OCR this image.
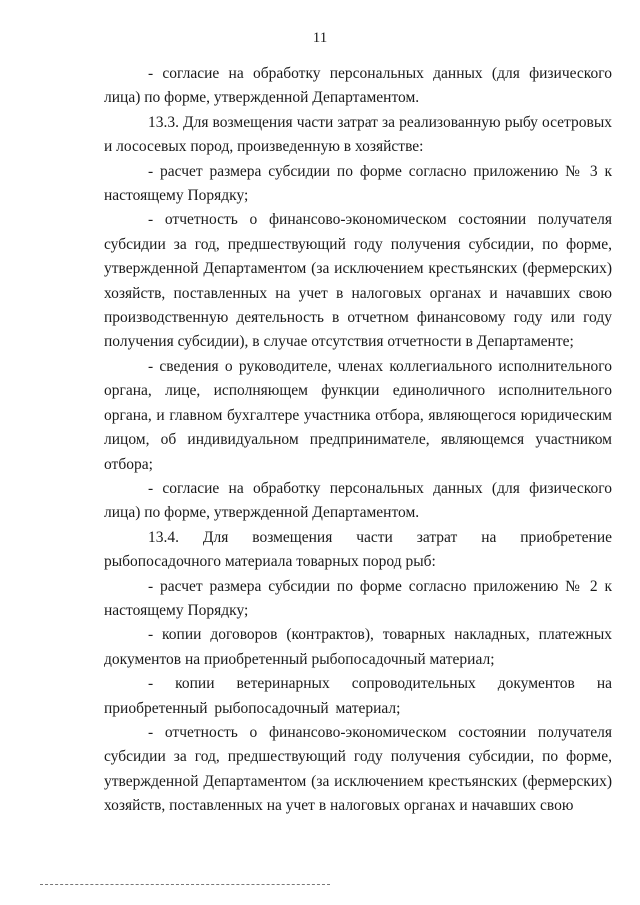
11

- согласие на обработку персональных данных (для физического лица) по форме, утвержденной Департаментом.

13.3. Для возмещения части затрат за реализованную рыбу осетровых и лососевых пород, произведенную в хозяйстве:

- расчет размера субсидии по форме согласно приложению № 3 к настоящему Порядку;

- отчетность о финансово-экономическом состоянии получателя субсидии за год, предшествующий году получения субсидии, по форме, утвержденной Департаментом (за исключением крестьянских (фермерских) хозяйств, поставленных на учет в налоговых органах и начавших свою производственную деятельность в отчетном финансовому году или году получения субсидии), в случае отсутствия отчетности в Департаменте;

- сведения о руководителе, членах коллегиального исполнительного органа, лице, исполняющем функции единоличного исполнительного органа, и главном бухгалтере участника отбора, являющегося юридическим лицом, об индивидуальном предпринимателе, являющемся участником отбора;

- согласие на обработку персональных данных (для физического лица) по форме, утвержденной Департаментом.

13.4. Для возмещения части затрат на приобретение рыбопосадочного материала товарных пород рыб:

- расчет размера субсидии по форме согласно приложению № 2 к настоящему Порядку;

- копии договоров (контрактов), товарных накладных, платежных документов на приобретенный рыбопосадочный материал;

- копии ветеринарных сопроводительных документов на приобретенный рыбопосадочный материал;

- отчетность о финансово-экономическом состоянии получателя субсидии за год, предшествующий году получения субсидии, по форме, утвержденной Департаментом (за исключением крестьянских (фермерских) хозяйств, поставленных на учет в налоговых органах и начавших свою
